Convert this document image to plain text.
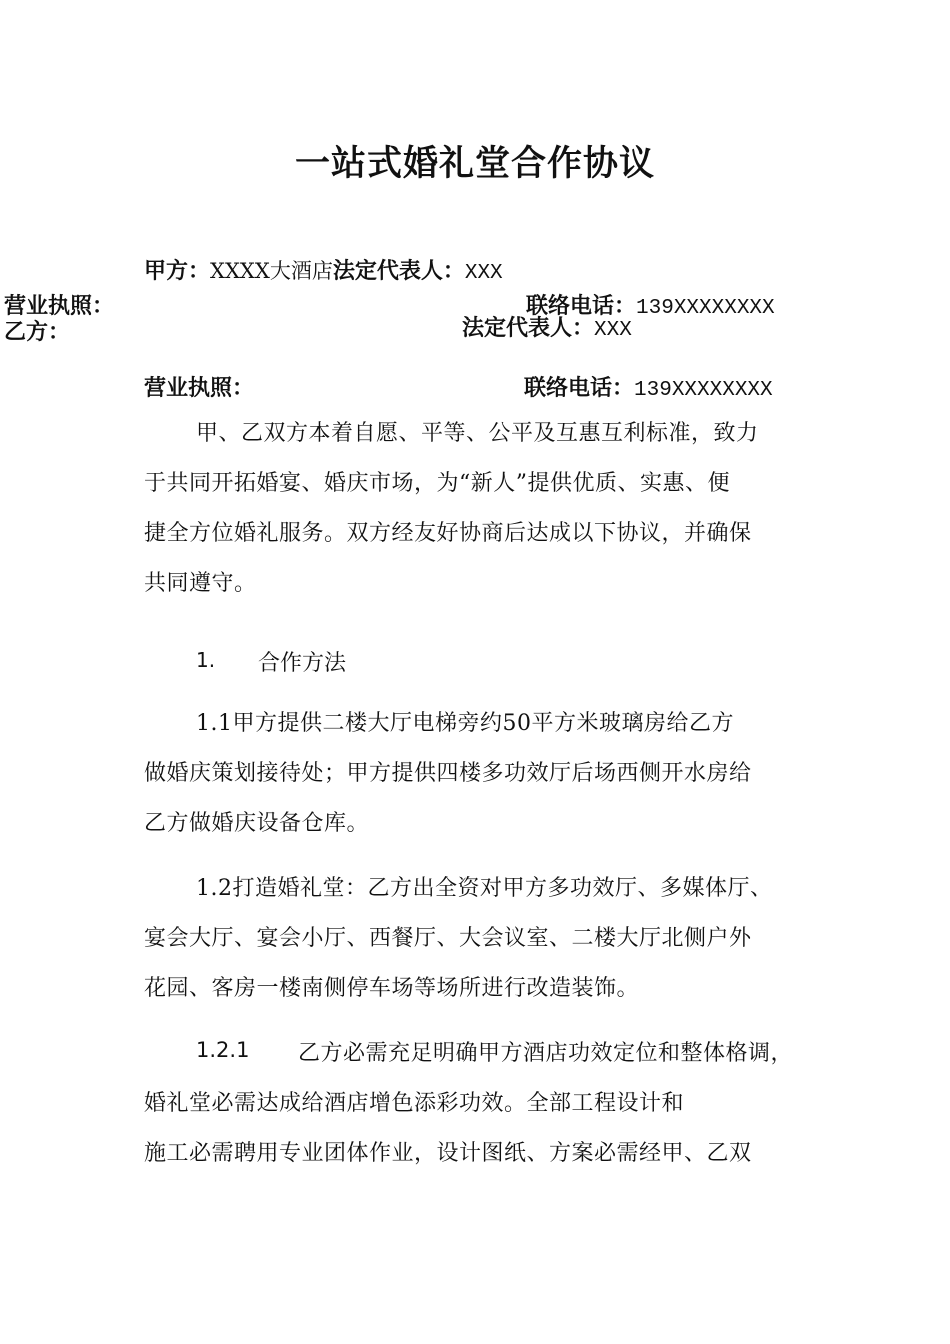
一站式婚礼堂合作协议
甲方：XXXX大酒店法定代表人：XXX
营业执照：	联络电话：139XXXXXXXX
乙方：	法定代表人：XXX
营业执照：	联络电话：139XXXXXXXX

甲、乙双方本着自愿、平等、公平及互惠互利标准，致力

于共同开拓婚宴、婚庆市场，为“新人”提供优质、实惠、便

捷全方位婚礼服务。双方经友好协商后达成以下协议，并确保

共同遵守。

1. 合作方法

1.1甲方提供二楼大厅电梯旁约50平方米玻璃房给乙方

做婚庆策划接待处；甲方提供四楼多功效厅后场西侧开水房给

乙方做婚庆设备仓库。

1.2打造婚礼堂：乙方出全资对甲方多功效厅、多媒体厅、

宴会大厅、宴会小厅、西餐厅、大会议室、二楼大厅北侧户外

花园、客房一楼南侧停车场等场所进行改造装饰。

1.2.1 乙方必需充足明确甲方酒店功效定位和整体格调，

婚礼堂必需达成给酒店增色添彩功效。全部工程设计和

施工必需聘用专业团体作业，设计图纸、方案必需经甲、乙双
